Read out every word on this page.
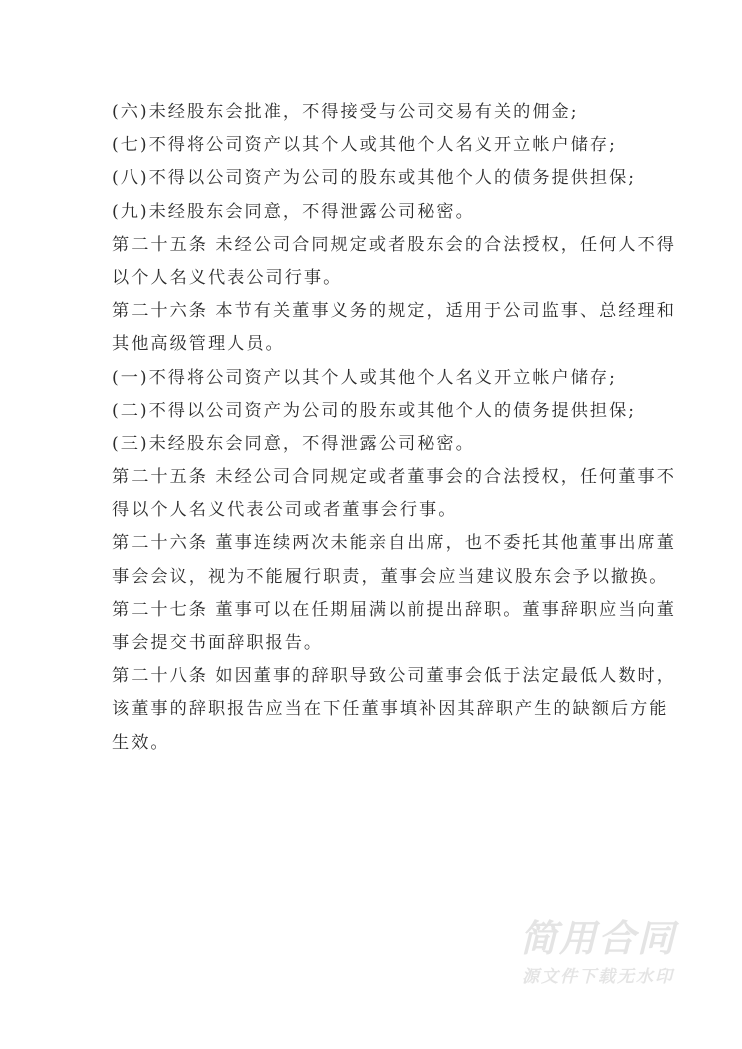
(六)未经股东会批准，不得接受与公司交易有关的佣金;
(七)不得将公司资产以其个人或其他个人名义开立帐户储存;
(八)不得以公司资产为公司的股东或其他个人的债务提供担保;
(九)未经股东会同意，不得泄露公司秘密。
第二十五条 未经公司合同规定或者股东会的合法授权，任何人不得
以个人名义代表公司行事。
第二十六条 本节有关董事义务的规定，适用于公司监事、总经理和
其他高级管理人员。
(一)不得将公司资产以其个人或其他个人名义开立帐户储存;
(二)不得以公司资产为公司的股东或其他个人的债务提供担保;
(三)未经股东会同意，不得泄露公司秘密。
第二十五条 未经公司合同规定或者董事会的合法授权，任何董事不
得以个人名义代表公司或者董事会行事。
第二十六条 董事连续两次未能亲自出席，也不委托其他董事出席董
事会会议，视为不能履行职责，董事会应当建议股东会予以撤换。
第二十七条 董事可以在任期届满以前提出辞职。董事辞职应当向董
事会提交书面辞职报告。
第二十八条 如因董事的辞职导致公司董事会低于法定最低人数时，
该董事的辞职报告应当在下任董事填补因其辞职产生的缺额后方能
生效。
简用合同
源文件下载无水印
